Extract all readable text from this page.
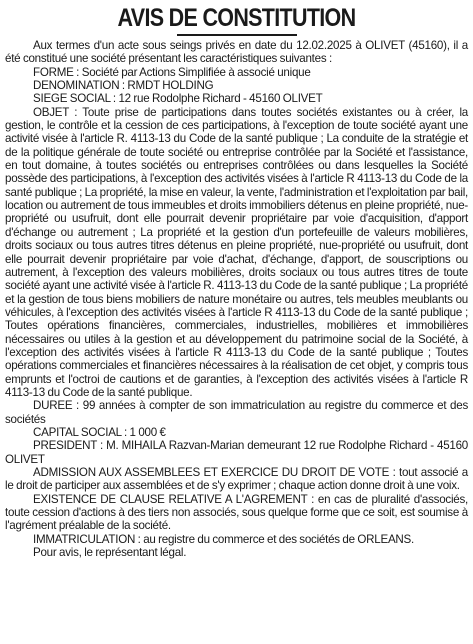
AVIS DE CONSTITUTION

Aux termes d'un acte sous seings privés en date du 12.02.2025 à OLIVET (45160), il a été constitué une société présentant les caractéristiques suivantes :

FORME : Société par Actions Simplifiée à associé unique

DENOMINATION : RMDT HOLDING

SIEGE SOCIAL : 12 rue Rodolphe Richard - 45160 OLIVET

OBJET : Toute prise de participations dans toutes sociétés existantes ou à créer, la gestion, le contrôle et la cession de ces participations, à l'exception de toute société ayant une activité visée à l'article R. 4113-13 du Code de la santé publique ; La conduite de la stratégie et de la politique générale de toute société ou entreprise contrôlée par la Société et l'assistance, en tout domaine, à toutes sociétés ou entreprises contrôlées ou dans lesquelles la Société possède des participations, à l'exception des activités visées à l'article R 4113-13 du Code de la santé publique ; La propriété, la mise en valeur, la vente, l'administration et l'exploitation par bail, location ou autrement de tous immeubles et droits immobiliers détenus en pleine propriété, nue-propriété ou usufruit, dont elle pourrait devenir propriétaire par voie d'acquisition, d'apport d'échange ou autrement ; La propriété et la gestion d'un portefeuille de valeurs mobilières, droits sociaux ou tous autres titres détenus en pleine propriété, nue-propriété ou usufruit, dont elle pourrait devenir propriétaire par voie d'achat, d'échange, d'apport, de souscriptions ou autrement, à l'exception des valeurs mobilières, droits sociaux ou tous autres titres de toute société ayant une activité visée à l'article R. 4113-13 du Code de la santé publique ; La propriété et la gestion de tous biens mobiliers de nature monétaire ou autres, tels meubles meublants ou véhicules, à l'exception des activités visées à l'article R 4113-13 du Code de la santé publique ; Toutes opérations financières, commerciales, industrielles, mobilières et immobilières nécessaires ou utiles à la gestion et au développement du patrimoine social de la Société, à l'exception des activités visées à l'article R 4113-13 du Code de la santé publique ; Toutes opérations commerciales et financières nécessaires à la réalisation de cet objet, y compris tous emprunts et l'octroi de cautions et de garanties, à l'exception des activités visées à l'article R 4113-13 du Code de la santé publique.

DUREE : 99 années à compter de son immatriculation au registre du commerce et des sociétés

CAPITAL SOCIAL : 1 000 €

PRESIDENT : M. MIHAILA Razvan-Marian demeurant 12 rue Rodolphe Richard - 45160 OLIVET

ADMISSION AUX ASSEMBLEES ET EXERCICE DU DROIT DE VOTE : tout associé a le droit de participer aux assemblées et de s'y exprimer ; chaque action donne droit à une voix.

EXISTENCE DE CLAUSE RELATIVE A L'AGREMENT : en cas de pluralité d'associés, toute cession d'actions à des tiers non associés, sous quelque forme que ce soit, est soumise à l'agrément préalable de la société.

IMMATRICULATION : au registre du commerce et des sociétés de ORLEANS.

Pour avis, le représentant légal.
